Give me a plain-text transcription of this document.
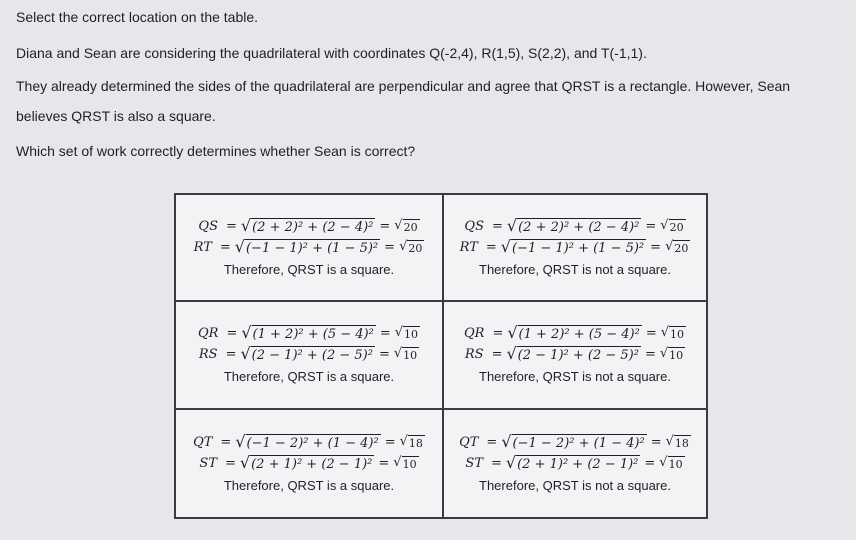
Select the correct location on the table.
Diana and Sean are considering the quadrilateral with coordinates Q(-2,4), R(1,5), S(2,2), and T(-1,1).
They already determined the sides of the quadrilateral are perpendicular and agree that QRST is a rectangle. However, Sean
believes QRST is also a square.
Which set of work correctly determines whether Sean is correct?
QS = √ (2 + 2)² + (2 − 4)² = √ 20
RT = √ (−1 − 1)² + (1 − 5)² = √ 20
Therefore, QRST is a square.
QS = √ (2 + 2)² + (2 − 4)² = √ 20
RT = √ (−1 − 1)² + (1 − 5)² = √ 20
Therefore, QRST is not a square.
QR = √ (1 + 2)² + (5 − 4)² = √ 10
RS = √ (2 − 1)² + (2 − 5)² = √ 10
Therefore, QRST is a square.
QR = √ (1 + 2)² + (5 − 4)² = √ 10
RS = √ (2 − 1)² + (2 − 5)² = √ 10
Therefore, QRST is not a square.
QT = √ (−1 − 2)² + (1 − 4)² = √ 18
ST = √ (2 + 1)² + (2 − 1)² = √ 10
Therefore, QRST is a square.
QT = √ (−1 − 2)² + (1 − 4)² = √ 18
ST = √ (2 + 1)² + (2 − 1)² = √ 10
Therefore, QRST is not a square.
